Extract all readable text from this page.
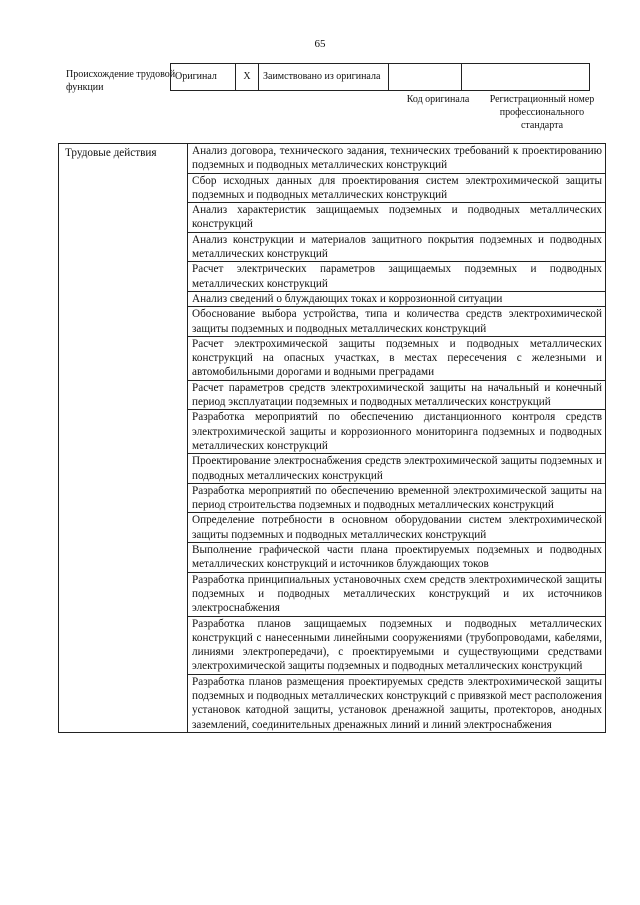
65
Происхождение трудовой функции
Оригинал	X	Заимствовано из оригинала		
Код оригинала	Регистрационный номер профессионального стандарта
Трудовые действия	Анализ договора, технического задания, технических требований к проектированию подземных и подводных металлических конструкций
Сбор исходных данных для проектирования систем электрохимической защиты подземных и подводных металлических конструкций
Анализ характеристик защищаемых подземных и подводных металлических конструкций
Анализ конструкции и материалов защитного покрытия подземных и подводных металлических конструкций
Расчет электрических параметров защищаемых подземных и подводных металлических конструкций
Анализ сведений о блуждающих токах и коррозионной ситуации
Обоснование выбора устройства, типа и количества средств электрохимической защиты подземных и подводных металлических конструкций
Расчет электрохимической защиты подземных и подводных металлических конструкций на опасных участках, в местах пересечения с железными и автомобильными дорогами и водными преградами
Расчет параметров средств электрохимической защиты на начальный и конечный период эксплуатации подземных и подводных металлических конструкций
Разработка мероприятий по обеспечению дистанционного контроля средств электрохимической защиты и коррозионного мониторинга подземных и подводных металлических конструкций
Проектирование электроснабжения средств электрохимической защиты подземных и подводных металлических конструкций
Разработка мероприятий по обеспечению временной электрохимической защиты на период строительства подземных и подводных металлических конструкций
Определение потребности в основном оборудовании систем электрохимической защиты подземных и подводных металлических конструкций
Выполнение графической части плана проектируемых подземных и подводных металлических конструкций и источников блуждающих токов
Разработка принципиальных установочных схем средств электрохимической защиты подземных и подводных металлических конструкций и их источников электроснабжения
Разработка планов защищаемых подземных и подводных металлических конструкций с нанесенными линейными сооружениями (трубопроводами, кабелями, линиями электропередачи), с проектируемыми и существующими средствами электрохимической защиты подземных и подводных металлических конструкций
Разработка планов размещения проектируемых средств электрохимической защиты подземных и подводных металлических конструкций с привязкой мест расположения установок катодной защиты, установок дренажной защиты, протекторов, анодных заземлений, соединительных дренажных линий и линий электроснабжения
